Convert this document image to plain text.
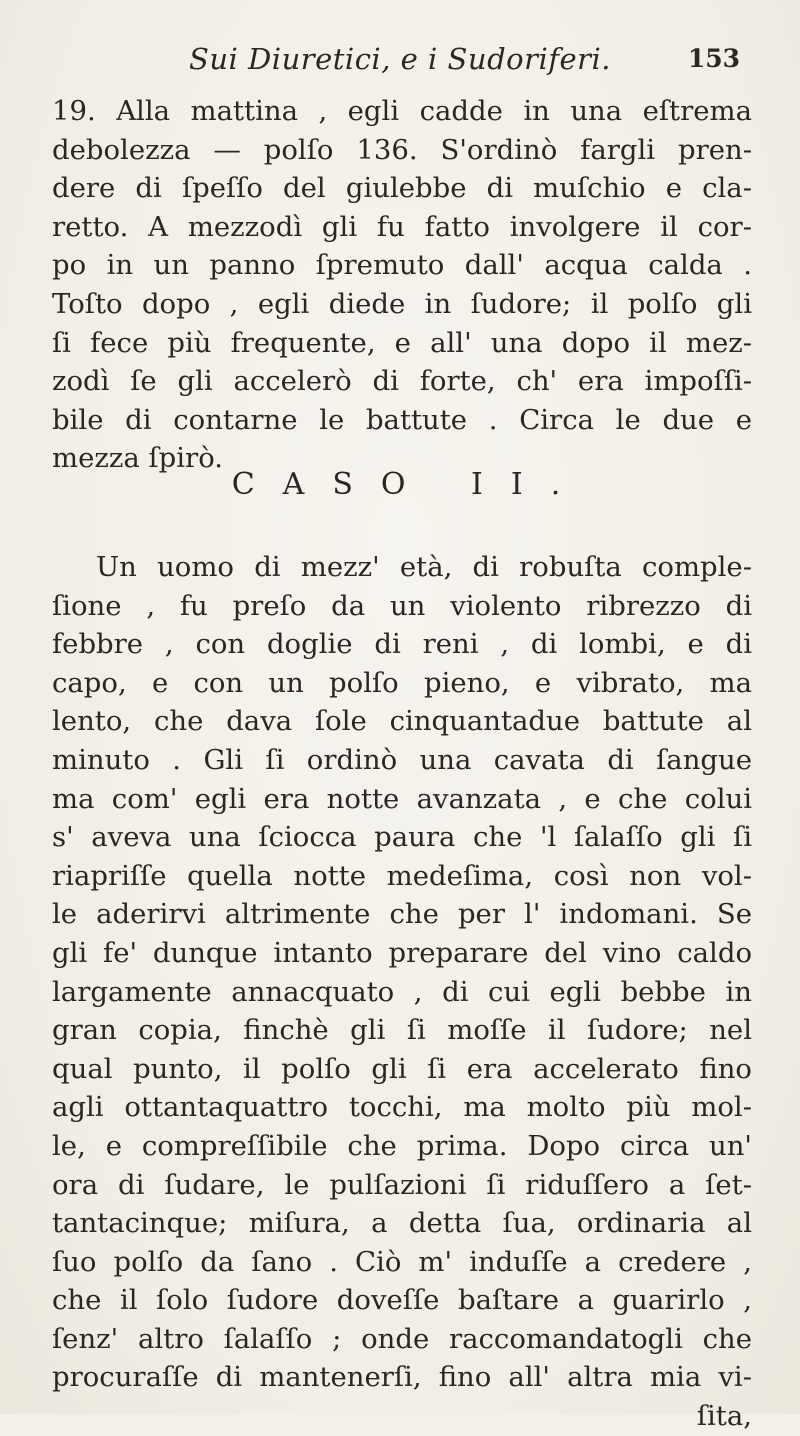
Sui Diuretici, e i Sudoriferi.	153
19. Alla mattina , egli cadde in una eſtrema
debolezza — polſo 136. S'ordinò fargli pren-
dere di ſpeſſo del giulebbe di muſchio e cla-
retto. A mezzodì gli fu fatto involgere il cor-
po in un panno ſpremuto dall' acqua calda .
Toſto dopo , egli diede in ſudore; il polſo gli
ſi fece più frequente, e all' una dopo il mez-
zodì ſe gli accelerò di forte, ch' era impoſſi-
bile di contarne le battute . Circa le due e
mezza ſpirò.
CASO II.
Un uomo di mezz' età, di robuſta comple-
ſione , fu preſo da un violento ribrezzo di
febbre , con doglie di reni , di lombi, e di
capo, e con un polſo pieno, e vibrato, ma
lento, che dava ſole cinquantadue battute al
minuto . Gli ſi ordinò una cavata di ſangue
ma com' egli era notte avanzata , e che colui
s' aveva una ſciocca paura che 'l ſalaſſo gli ſi
riapriſſe quella notte medeſima, così non vol-
le aderirvi altrimente che per l' indomani. Se
gli fe' dunque intanto preparare del vino caldo
largamente annacquato , di cui egli bebbe in
gran copia, finchè gli ſi moſſe il ſudore; nel
qual punto, il polſo gli ſi era accelerato fino
agli ottantaquattro tocchi, ma molto più mol-
le, e compreſſibile che prima. Dopo circa un'
ora di ſudare, le pulſazioni ſi riduſſero a ſet-
tantacinque; miſura, a detta ſua, ordinaria al
ſuo polſo da ſano . Ciò m' induſſe a credere ,
che il ſolo ſudore doveſſe baſtare a guarirlo ,
ſenz' altro ſalaſſo ; onde raccomandatogli che
procuraſſe di mantenerſi, fino all' altra mia vi-
ſita,
